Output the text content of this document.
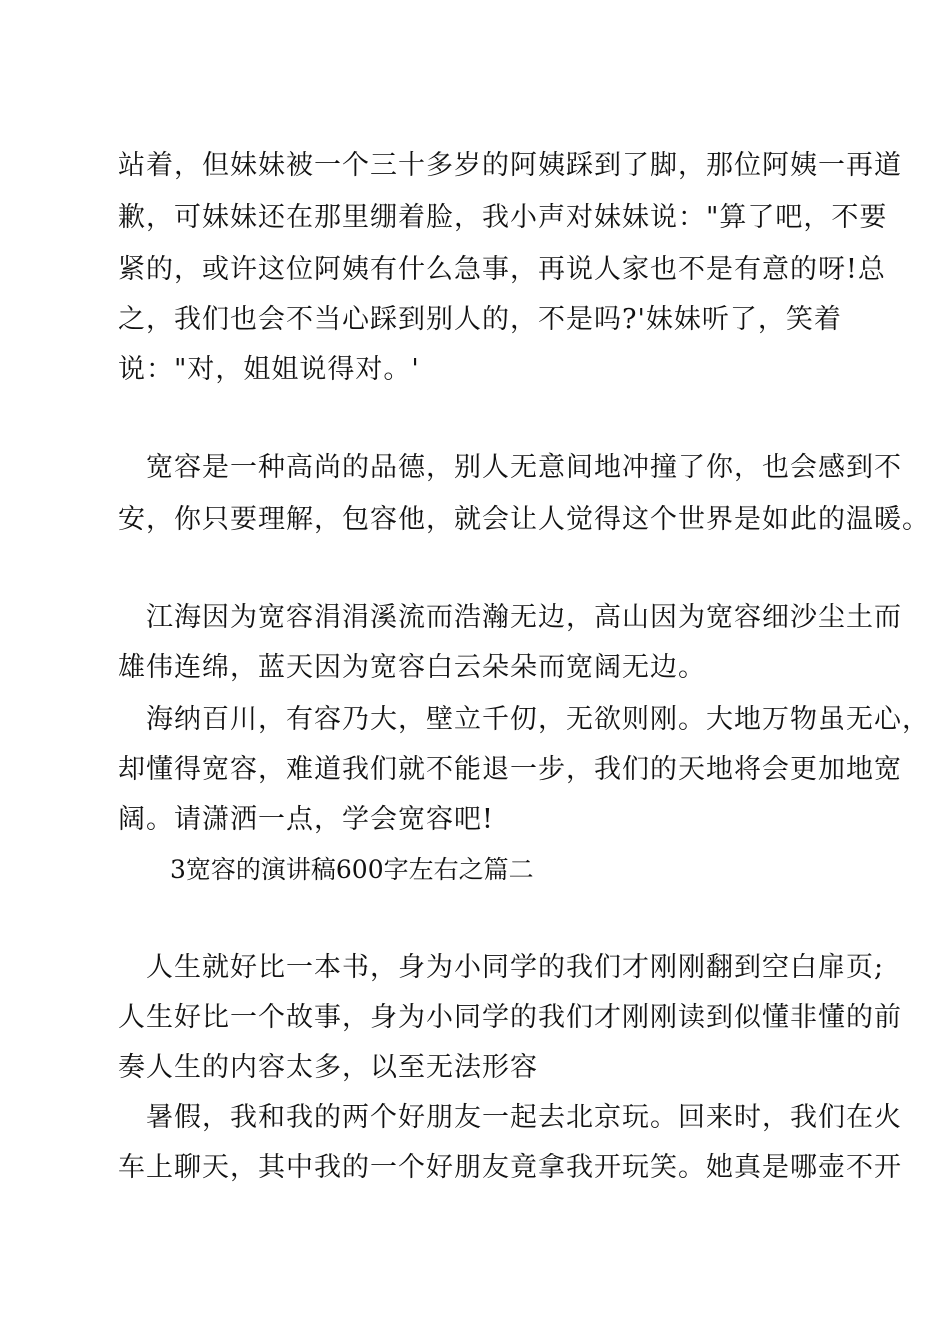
站着，但妹妹被一个三十多岁的阿姨踩到了脚，那位阿姨一再道
歉，可妹妹还在那里绷着脸，我小声对妹妹说："算了吧，不要
紧的，或许这位阿姨有什么急事，再说人家也不是有意的呀!总
之，我们也会不当心踩到别人的，不是吗?'妹妹听了，笑着
说："对，姐姐说得对。'
宽容是一种高尚的品德，别人无意间地冲撞了你，也会感到不
安，你只要理解，包容他，就会让人觉得这个世界是如此的温暖。
江海因为宽容涓涓溪流而浩瀚无边，高山因为宽容细沙尘土而
雄伟连绵，蓝天因为宽容白云朵朵而宽阔无边。
海纳百川，有容乃大，壁立千仞，无欲则刚。大地万物虽无心，
却懂得宽容，难道我们就不能退一步，我们的天地将会更加地宽
阔。请潇洒一点，学会宽容吧!
3宽容的演讲稿600字左右之篇二
人生就好比一本书，身为小同学的我们才刚刚翻到空白扉页;
人生好比一个故事，身为小同学的我们才刚刚读到似懂非懂的前
奏人生的内容太多，以至无法形容
暑假，我和我的两个好朋友一起去北京玩。回来时，我们在火
车上聊天，其中我的一个好朋友竟拿我开玩笑。她真是哪壶不开
